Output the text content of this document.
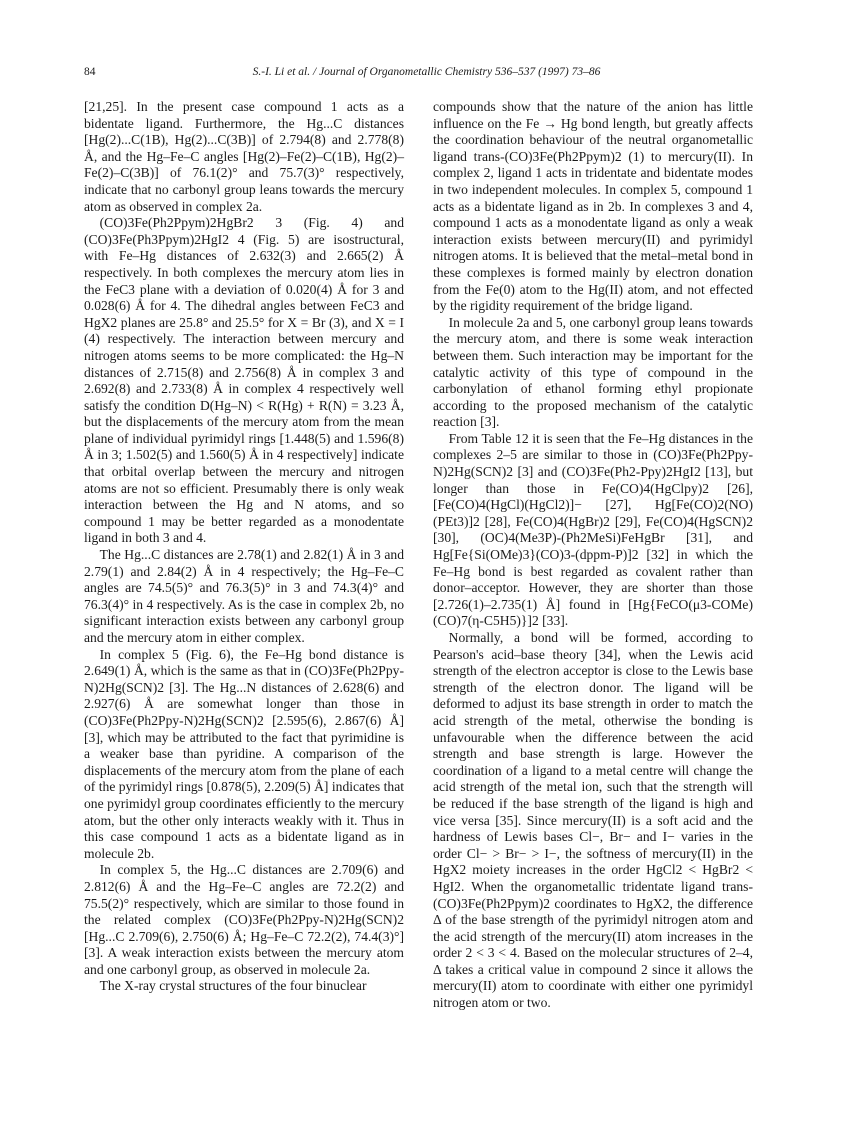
84	S.-I. Li et al. / Journal of Organometallic Chemistry 536–537 (1997) 73–86

[21,25]. In the present case compound 1 acts as a bidentate ligand. Furthermore, the Hg...C distances [Hg(2)...C(1B), Hg(2)...C(3B)] of 2.794(8) and 2.778(8) Å, and the Hg–Fe–C angles [Hg(2)–Fe(2)–C(1B), Hg(2)–Fe(2)–C(3B)] of 76.1(2)° and 75.7(3)° respectively, indicate that no carbonyl group leans towards the mercury atom as observed in complex 2a.

(CO)3Fe(Ph2Ppym)2HgBr2 3 (Fig. 4) and (CO)3Fe(Ph3Ppym)2HgI2 4 (Fig. 5) are isostructural, with Fe–Hg distances of 2.632(3) and 2.665(2) Å respectively. In both complexes the mercury atom lies in the FeC3 plane with a deviation of 0.020(4) Å for 3 and 0.028(6) Å for 4. The dihedral angles between FeC3 and HgX2 planes are 25.8° and 25.5° for X = Br (3), and X = I (4) respectively. The interaction between mercury and nitrogen atoms seems to be more complicated: the Hg–N distances of 2.715(8) and 2.756(8) Å in complex 3 and 2.692(8) and 2.733(8) Å in complex 4 respectively well satisfy the condition D(Hg–N) < R(Hg) + R(N) = 3.23 Å, but the displacements of the mercury atom from the mean plane of individual pyrimidyl rings [1.448(5) and 1.596(8) Å in 3; 1.502(5) and 1.560(5) Å in 4 respectively] indicate that orbital overlap between the mercury and nitrogen atoms are not so efficient. Presumably there is only weak interaction between the Hg and N atoms, and so compound 1 may be better regarded as a monodentate ligand in both 3 and 4.

The Hg...C distances are 2.78(1) and 2.82(1) Å in 3 and 2.79(1) and 2.84(2) Å in 4 respectively; the Hg–Fe–C angles are 74.5(5)° and 76.3(5)° in 3 and 74.3(4)° and 76.3(4)° in 4 respectively. As is the case in complex 2b, no significant interaction exists between any carbonyl group and the mercury atom in either complex.

In complex 5 (Fig. 6), the Fe–Hg bond distance is 2.649(1) Å, which is the same as that in (CO)3Fe(Ph2Ppy-N)2Hg(SCN)2 [3]. The Hg...N distances of 2.628(6) and 2.927(6) Å are somewhat longer than those in (CO)3Fe(Ph2Ppy-N)2Hg(SCN)2 [2.595(6), 2.867(6) Å] [3], which may be attributed to the fact that pyrimidine is a weaker base than pyridine. A comparison of the displacements of the mercury atom from the plane of each of the pyrimidyl rings [0.878(5), 2.209(5) Å] indicates that one pyrimidyl group coordinates efficiently to the mercury atom, but the other only interacts weakly with it. Thus in this case compound 1 acts as a bidentate ligand as in molecule 2b.

In complex 5, the Hg...C distances are 2.709(6) and 2.812(6) Å and the Hg–Fe–C angles are 72.2(2) and 75.5(2)° respectively, which are similar to those found in the related complex (CO)3Fe(Ph2Ppy-N)2Hg(SCN)2 [Hg...C 2.709(6), 2.750(6) Å; Hg–Fe–C 72.2(2), 74.4(3)°] [3]. A weak interaction exists between the mercury atom and one carbonyl group, as observed in molecule 2a.

The X-ray crystal structures of the four binuclear

compounds show that the nature of the anion has little influence on the Fe → Hg bond length, but greatly affects the coordination behaviour of the neutral organometallic ligand trans-(CO)3Fe(Ph2Ppym)2 (1) to mercury(II). In complex 2, ligand 1 acts in tridentate and bidentate modes in two independent molecules. In complex 5, compound 1 acts as a bidentate ligand as in 2b. In complexes 3 and 4, compound 1 acts as a monodentate ligand as only a weak interaction exists between mercury(II) and pyrimidyl nitrogen atoms. It is believed that the metal–metal bond in these complexes is formed mainly by electron donation from the Fe(0) atom to the Hg(II) atom, and not effected by the rigidity requirement of the bridge ligand.

In molecule 2a and 5, one carbonyl group leans towards the mercury atom, and there is some weak interaction between them. Such interaction may be important for the catalytic activity of this type of compound in the carbonylation of ethanol forming ethyl propionate according to the proposed mechanism of the catalytic reaction [3].

From Table 12 it is seen that the Fe–Hg distances in the complexes 2–5 are similar to those in (CO)3Fe(Ph2Ppy-N)2Hg(SCN)2 [3] and (CO)3Fe(Ph2-Ppy)2HgI2 [13], but longer than those in Fe(CO)4(HgClpy)2 [26], [Fe(CO)4(HgCl)(HgCl2)]− [27], Hg[Fe(CO)2(NO)(PEt3)]2 [28], Fe(CO)4(HgBr)2 [29], Fe(CO)4(HgSCN)2 [30], (OC)4(Me3P)-(Ph2MeSi)FeHgBr [31], and Hg[Fe{Si(OMe)3}(CO)3-(dppm-P)]2 [32] in which the Fe–Hg bond is best regarded as covalent rather than donor–acceptor. However, they are shorter than those [2.726(1)–2.735(1) Å] found in [Hg{FeCO(μ3-COMe)(CO)7(η-C5H5)}]2 [33].

Normally, a bond will be formed, according to Pearson's acid–base theory [34], when the Lewis acid strength of the electron acceptor is close to the Lewis base strength of the electron donor. The ligand will be deformed to adjust its base strength in order to match the acid strength of the metal, otherwise the bonding is unfavourable when the difference between the acid strength and base strength is large. However the coordination of a ligand to a metal centre will change the acid strength of the metal ion, such that the strength will be reduced if the base strength of the ligand is high and vice versa [35]. Since mercury(II) is a soft acid and the hardness of Lewis bases Cl−, Br− and I− varies in the order Cl− > Br− > I−, the softness of mercury(II) in the HgX2 moiety increases in the order HgCl2 < HgBr2 < HgI2. When the organometallic tridentate ligand trans-(CO)3Fe(Ph2Ppym)2 coordinates to HgX2, the difference Δ of the base strength of the pyrimidyl nitrogen atom and the acid strength of the mercury(II) atom increases in the order 2 < 3 < 4. Based on the molecular structures of 2–4, Δ takes a critical value in compound 2 since it allows the mercury(II) atom to coordinate with either one pyrimidyl nitrogen atom or two.
